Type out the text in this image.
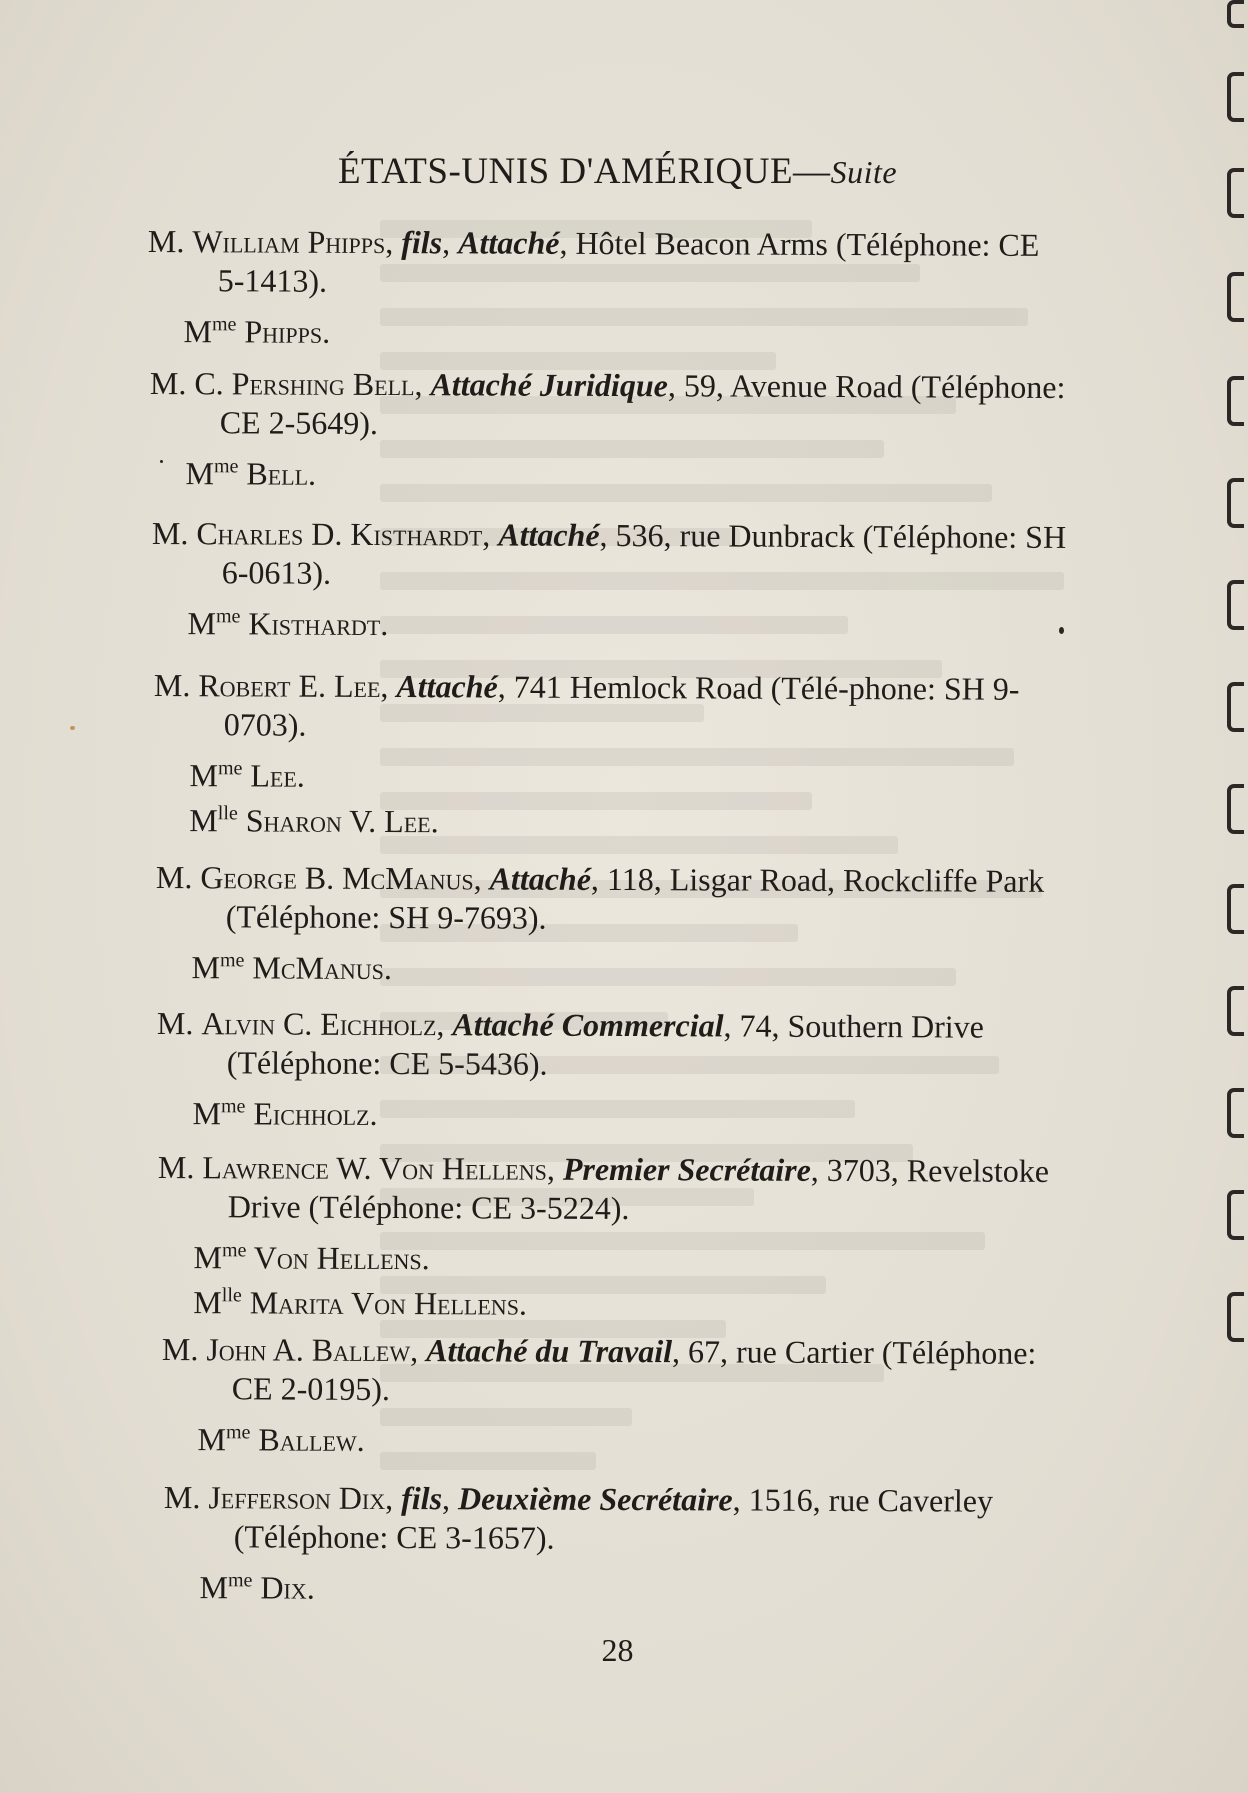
ÉTATS-UNIS D'AMÉRIQUE—Suite
M. William Phipps, fils, Attaché, Hôtel Beacon Arms (Téléphone: CE 5-1413).
$M^{me}$ Phipps.
M. C. Pershing Bell, Attaché Juridique, 59, Avenue Road (Téléphone: CE 2-5649).
$M^{me}$ Bell.
M. Charles D. Kisthardt, Attaché, 536, rue Dunbrack (Téléphone: SH 6-0613).
$M^{me}$ Kisthardt.
M. Robert E. Lee, Attaché, 741 Hemlock Road (Télé-phone: SH 9-0703).
$M^{me}$ Lee.
$M^{lle}$ Sharon V. Lee.
M. George B. McManus, Attaché, 118, Lisgar Road, Rockcliffe Park (Téléphone: SH 9-7693).
$M^{me}$ McManus.
M. Alvin C. Eichholz, Attaché Commercial, 74, Southern Drive (Téléphone: CE 5-5436).
$M^{me}$ Eichholz.
M. Lawrence W. Von Hellens, Premier Secrétaire, 3703, Revelstoke Drive (Téléphone: CE 3-5224).
$M^{me}$ Von Hellens.
$M^{lle}$ Marita Von Hellens.
M. John A. Ballew, Attaché du Travail, 67, rue Cartier (Téléphone: CE 2-0195).
$M^{me}$ Ballew.
M. Jefferson Dix, fils, Deuxième Secrétaire, 1516, rue Caverley (Téléphone: CE 3-1657).
$M^{me}$ Dix.
28
